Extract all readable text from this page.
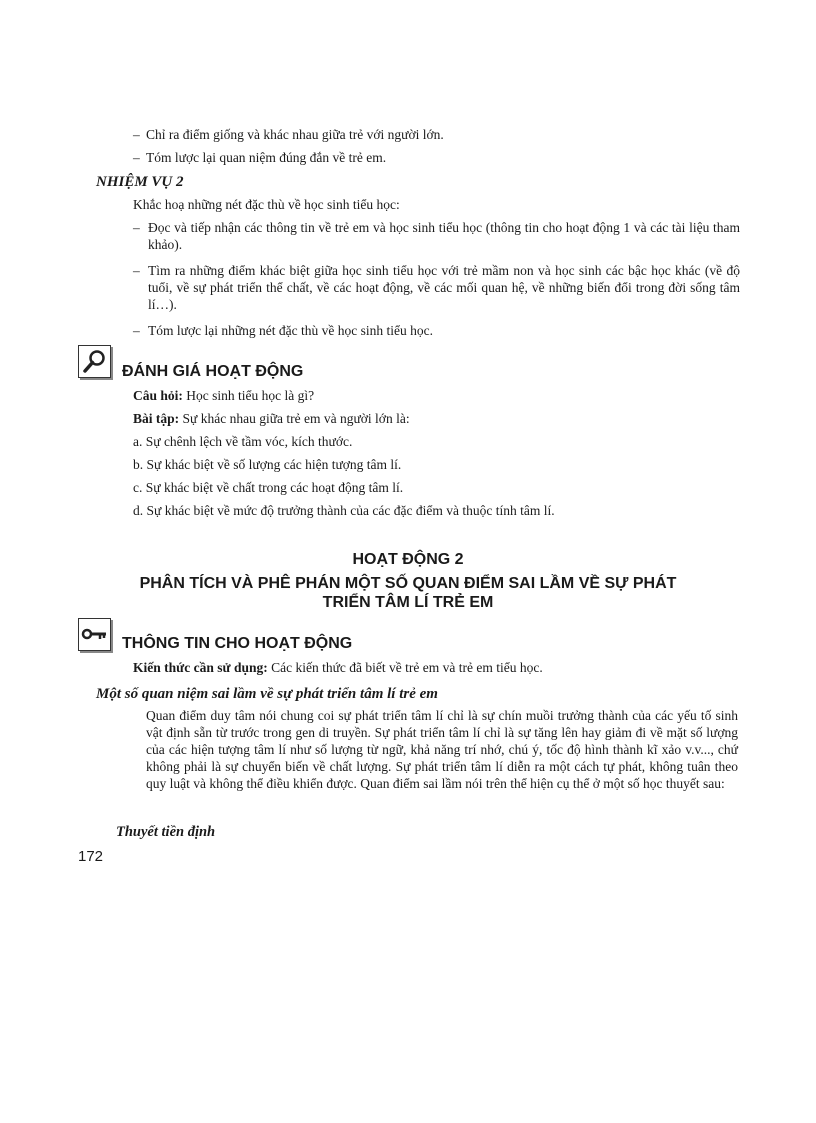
– Chỉ ra điểm giống và khác nhau giữa trẻ với người lớn.
– Tóm lược lại quan niệm đúng đắn về trẻ em.
NHIỆM VỤ 2
Khắc hoạ những nét đặc thù về học sinh tiểu học:
– Đọc và tiếp nhận các thông tin về trẻ em và học sinh tiểu học (thông tin cho hoạt động 1 và các tài liệu tham khảo).
– Tìm ra những điểm khác biệt giữa học sinh tiểu học với trẻ mầm non và học sinh các bậc học khác (về độ tuổi, về sự phát triển thể chất, về các hoạt động, về các mối quan hệ, về những biến đổi trong đời sống tâm lí…).
– Tóm lược lại những nét đặc thù về học sinh tiểu học.
ĐÁNH GIÁ HOẠT ĐỘNG
Câu hỏi: Học sinh tiểu học là gì?
Bài tập: Sự khác nhau giữa trẻ em và người lớn là:
a. Sự chênh lệch về tầm vóc, kích thước.
b. Sự khác biệt về số lượng các hiện tượng tâm lí.
c. Sự khác biệt về chất trong các hoạt động tâm lí.
d. Sự khác biệt về mức độ trưởng thành của các đặc điểm và thuộc tính tâm lí.
HOẠT ĐỘNG 2
PHÂN TÍCH VÀ PHÊ PHÁN MỘT SỐ QUAN ĐIỂM SAI LẦM VỀ SỰ PHÁT
TRIỂN TÂM LÍ TRẺ EM
THÔNG TIN CHO HOẠT ĐỘNG
Kiến thức cần sử dụng: Các kiến thức đã biết về trẻ em và trẻ em tiểu học.
Một số quan niệm sai lầm về sự phát triển tâm lí trẻ em
Quan điểm duy tâm nói chung coi sự phát triển tâm lí chỉ là sự chín muồi trưởng thành của các yếu tố sinh vật định sẵn từ trước trong gen di truyền. Sự phát triển tâm lí chỉ là sự tăng lên hay giảm đi về mặt số lượng của các hiện tượng tâm lí như số lượng từ ngữ, khả năng trí nhớ, chú ý, tốc độ hình thành kĩ xảo v.v..., chứ không phải là sự chuyển biến về chất lượng. Sự phát triển tâm lí diễn ra một cách tự phát, không tuân theo quy luật và không thể điều khiển được. Quan điểm sai lầm nói trên thể hiện cụ thể ở một số học thuyết sau:
Thuyết tiền định
172
